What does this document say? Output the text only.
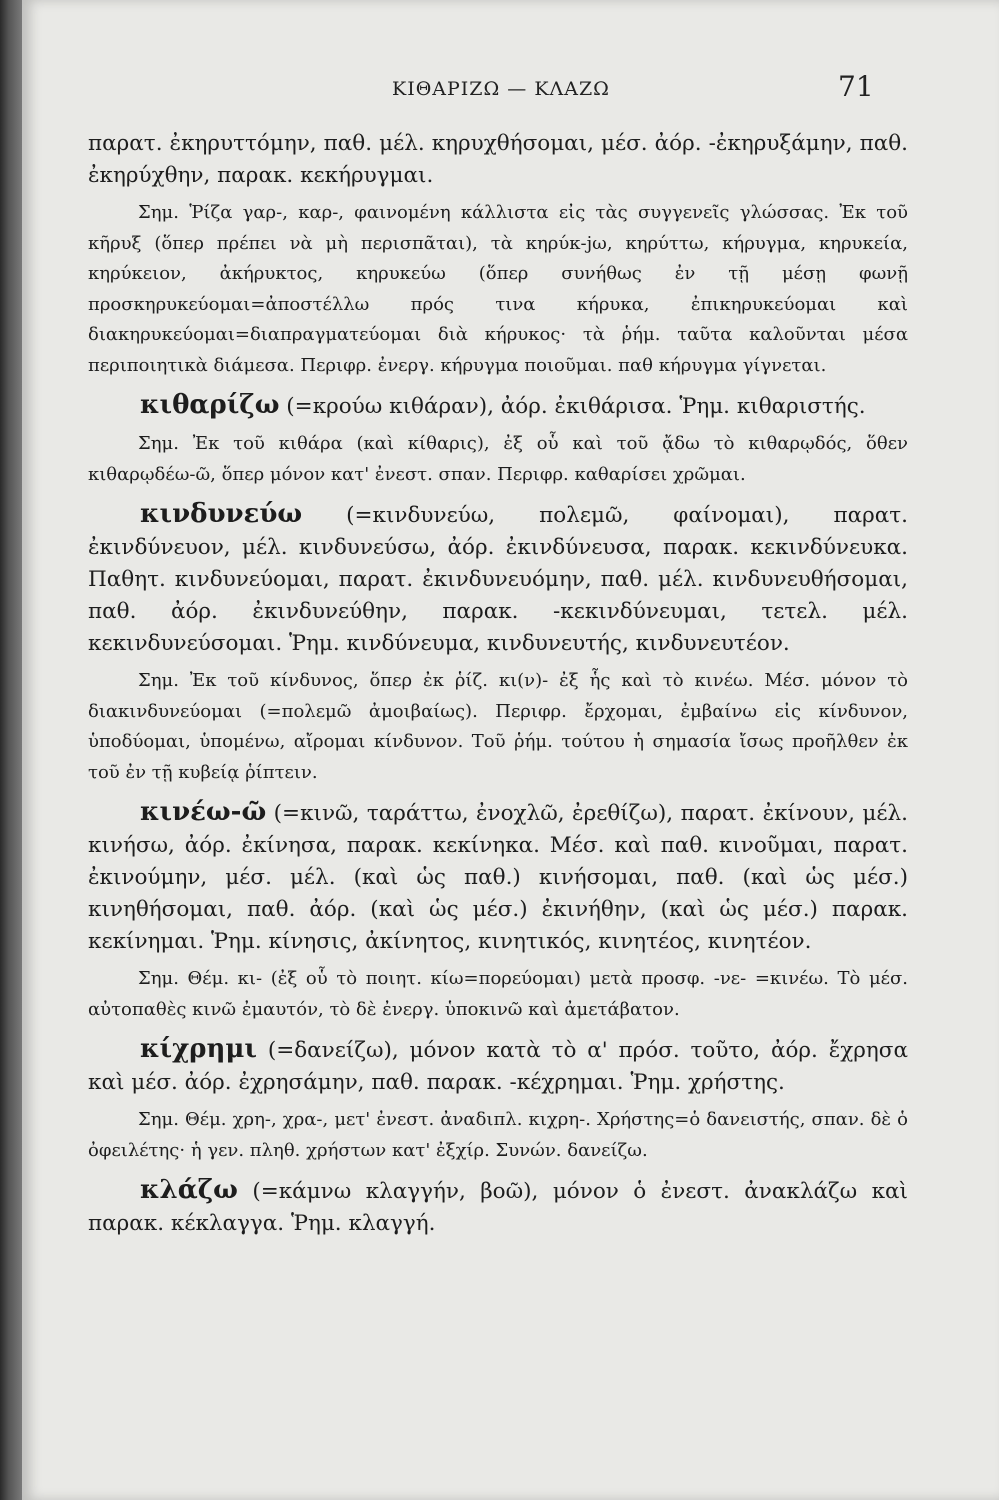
ΚΙΘΑΡΙΖΩ — ΚΛΑΖΩ	71

παρατ. ἐκηρυττόμην, παθ. μέλ. κηρυχθήσομαι, μέσ. ἀόρ. -ἐκηρυξάμην, παθ. ἐκηρύχθην, παρακ. κεκήρυγμαι.

Σημ. Ῥίζα γαρ-, καρ-, φαινομένη κάλλιστα εἰς τὰς συγγενεῖς γλώσσας. Ἐκ τοῦ κῆρυξ (ὅπερ πρέπει νὰ μὴ περισπᾶται), τὰ κηρύκ-jω, κηρύττω, κήρυγμα, κηρυκεία, κηρύκειον, ἀκήρυκτος, κηρυκεύω (ὅπερ συνήθως ἐν τῇ μέσῃ φωνῇ προσκηρυκεύομαι=ἀποστέλλω πρός τινα κήρυκα, ἐπικηρυκεύομαι καὶ διακηρυκεύομαι=διαπραγματεύομαι διὰ κήρυκος· τὰ ῥήμ. ταῦτα καλοῦνται μέσα περιποιητικὰ διάμεσα. Περιφρ. ἐνεργ. κήρυγμα ποιοῦμαι. παθ κήρυγμα γίγνεται.

κιθαρίζω (=κρούω κιθάραν), ἀόρ. ἐκιθάρισα. Ῥημ. κιθαριστής.

Σημ. Ἐκ τοῦ κιθάρα (καὶ κίθαρις), ἐξ οὗ καὶ τοῦ ᾄδω τὸ κιθαρῳδός, ὅθεν κιθαρῳδέω-ῶ, ὅπερ μόνον κατ' ἐνεστ. σπαν. Περιφρ. καθαρίσει χρῶμαι.

κινδυνεύω (=κινδυνεύω, πολεμῶ, φαίνομαι), παρατ. ἐκινδύνευον, μέλ. κινδυνεύσω, ἀόρ. ἐκινδύνευσα, παρακ. κεκινδύνευκα. Παθητ. κινδυνεύομαι, παρατ. ἐκινδυνευόμην, παθ. μέλ. κινδυνευθήσομαι, παθ. ἀόρ. ἐκινδυνεύθην, παρακ. -κεκινδύνευμαι, τετελ. μέλ. κεκινδυνεύσομαι. Ῥημ. κινδύνευμα, κινδυνευτής, κινδυνευτέον.

Σημ. Ἐκ τοῦ κίνδυνος, ὅπερ ἐκ ῥίζ. κι(ν)- ἐξ ἧς καὶ τὸ κινέω. Μέσ. μόνον τὸ διακινδυνεύομαι (=πολεμῶ ἀμοιβαίως). Περιφρ. ἔρχομαι, ἐμβαίνω εἰς κίνδυνον, ὑποδύομαι, ὑπομένω, αἴρομαι κίνδυνον. Τοῦ ῥήμ. τούτου ἡ σημασία ἴσως προῆλθεν ἐκ τοῦ ἐν τῇ κυβείᾳ ῥίπτειν.

κινέω-ῶ (=κινῶ, ταράττω, ἐνοχλῶ, ἐρεθίζω), παρατ. ἐκίνουν, μέλ. κινήσω, ἀόρ. ἐκίνησα, παρακ. κεκίνηκα. Μέσ. καὶ παθ. κινοῦμαι, παρατ. ἐκινούμην, μέσ. μέλ. (καὶ ὡς παθ.) κινήσομαι, παθ. (καὶ ὡς μέσ.) κινηθήσομαι, παθ. ἀόρ. (καὶ ὡς μέσ.) ἐκινήθην, (καὶ ὡς μέσ.) παρακ. κεκίνημαι. Ῥημ. κίνησις, ἀκίνητος, κινητικός, κινητέος, κινητέον.

Σημ. Θέμ. κι- (ἐξ οὗ τὸ ποιητ. κίω=πορεύομαι) μετὰ προσφ. -νε- =κινέω. Τὸ μέσ. αὐτοπαθὲς κινῶ ἐμαυτόν, τὸ δὲ ἐνεργ. ὑποκινῶ καὶ ἀμετάβατον.

κίχρημι (=δανείζω), μόνον κατὰ τὸ α' πρόσ. τοῦτο, ἀόρ. ἔχρησα καὶ μέσ. ἀόρ. ἐχρησάμην, παθ. παρακ. -κέχρημαι. Ῥημ. χρήστης.

Σημ. Θέμ. χρη-, χρα-, μετ' ἐνεστ. ἀναδιπλ. κιχρη-. Χρήστης=ὁ δανειστής, σπαν. δὲ ὁ ὀφειλέτης· ἡ γεν. πληθ. χρήστων κατ' ἐξχίρ. Συνών. δανείζω.

κλάζω (=κάμνω κλαγγήν, βοῶ), μόνον ὁ ἐνεστ. ἀνακλάζω καὶ παρακ. κέκλαγγα. Ῥημ. κλαγγή.
